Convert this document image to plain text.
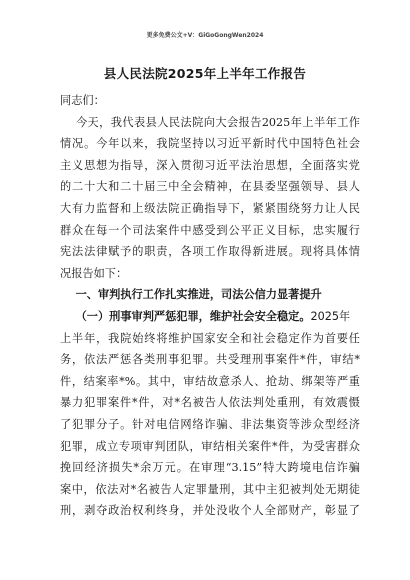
更多免费公文+V：GiGoGongWen2024
县人民法院2025年上半年工作报告

同志们：

今天，我代表县人民法院向大会报告2025年上半年工作
情况。今年以来，我院坚持以习近平新时代中国特色社会
主义思想为指导，深入贯彻习近平法治思想，全面落实党
的二十大和二十届三中全会精神，在县委坚强领导、县人
大有力监督和上级法院正确指导下，紧紧围绕努力让人民
群众在每一个司法案件中感受到公平正义目标，忠实履行
宪法法律赋予的职责，各项工作取得新进展。现将具体情
况报告如下：

一、审判执行工作扎实推进，司法公信力显著提升

（一）刑事审判严惩犯罪，维护社会安全稳定。2025年

上半年，我院始终将维护国家安全和社会稳定作为首要任
务，依法严惩各类刑事犯罪。共受理刑事案件*件，审结*
件，结案率*%。其中，审结故意杀人、抢劫、绑架等严重
暴力犯罪案件*件，对*名被告人依法判处重刑，有效震慑
了犯罪分子。针对电信网络诈骗、非法集资等涉众型经济
犯罪，成立专项审判团队，审结相关案件*件，为受害群众
挽回经济损失*余万元。在审理“3.15”特大跨境电信诈骗
案中，依法对*名被告人定罪量刑，其中主犯被判处无期徒
刑，剥夺政治权利终身，并处没收个人全部财产，彰显了
